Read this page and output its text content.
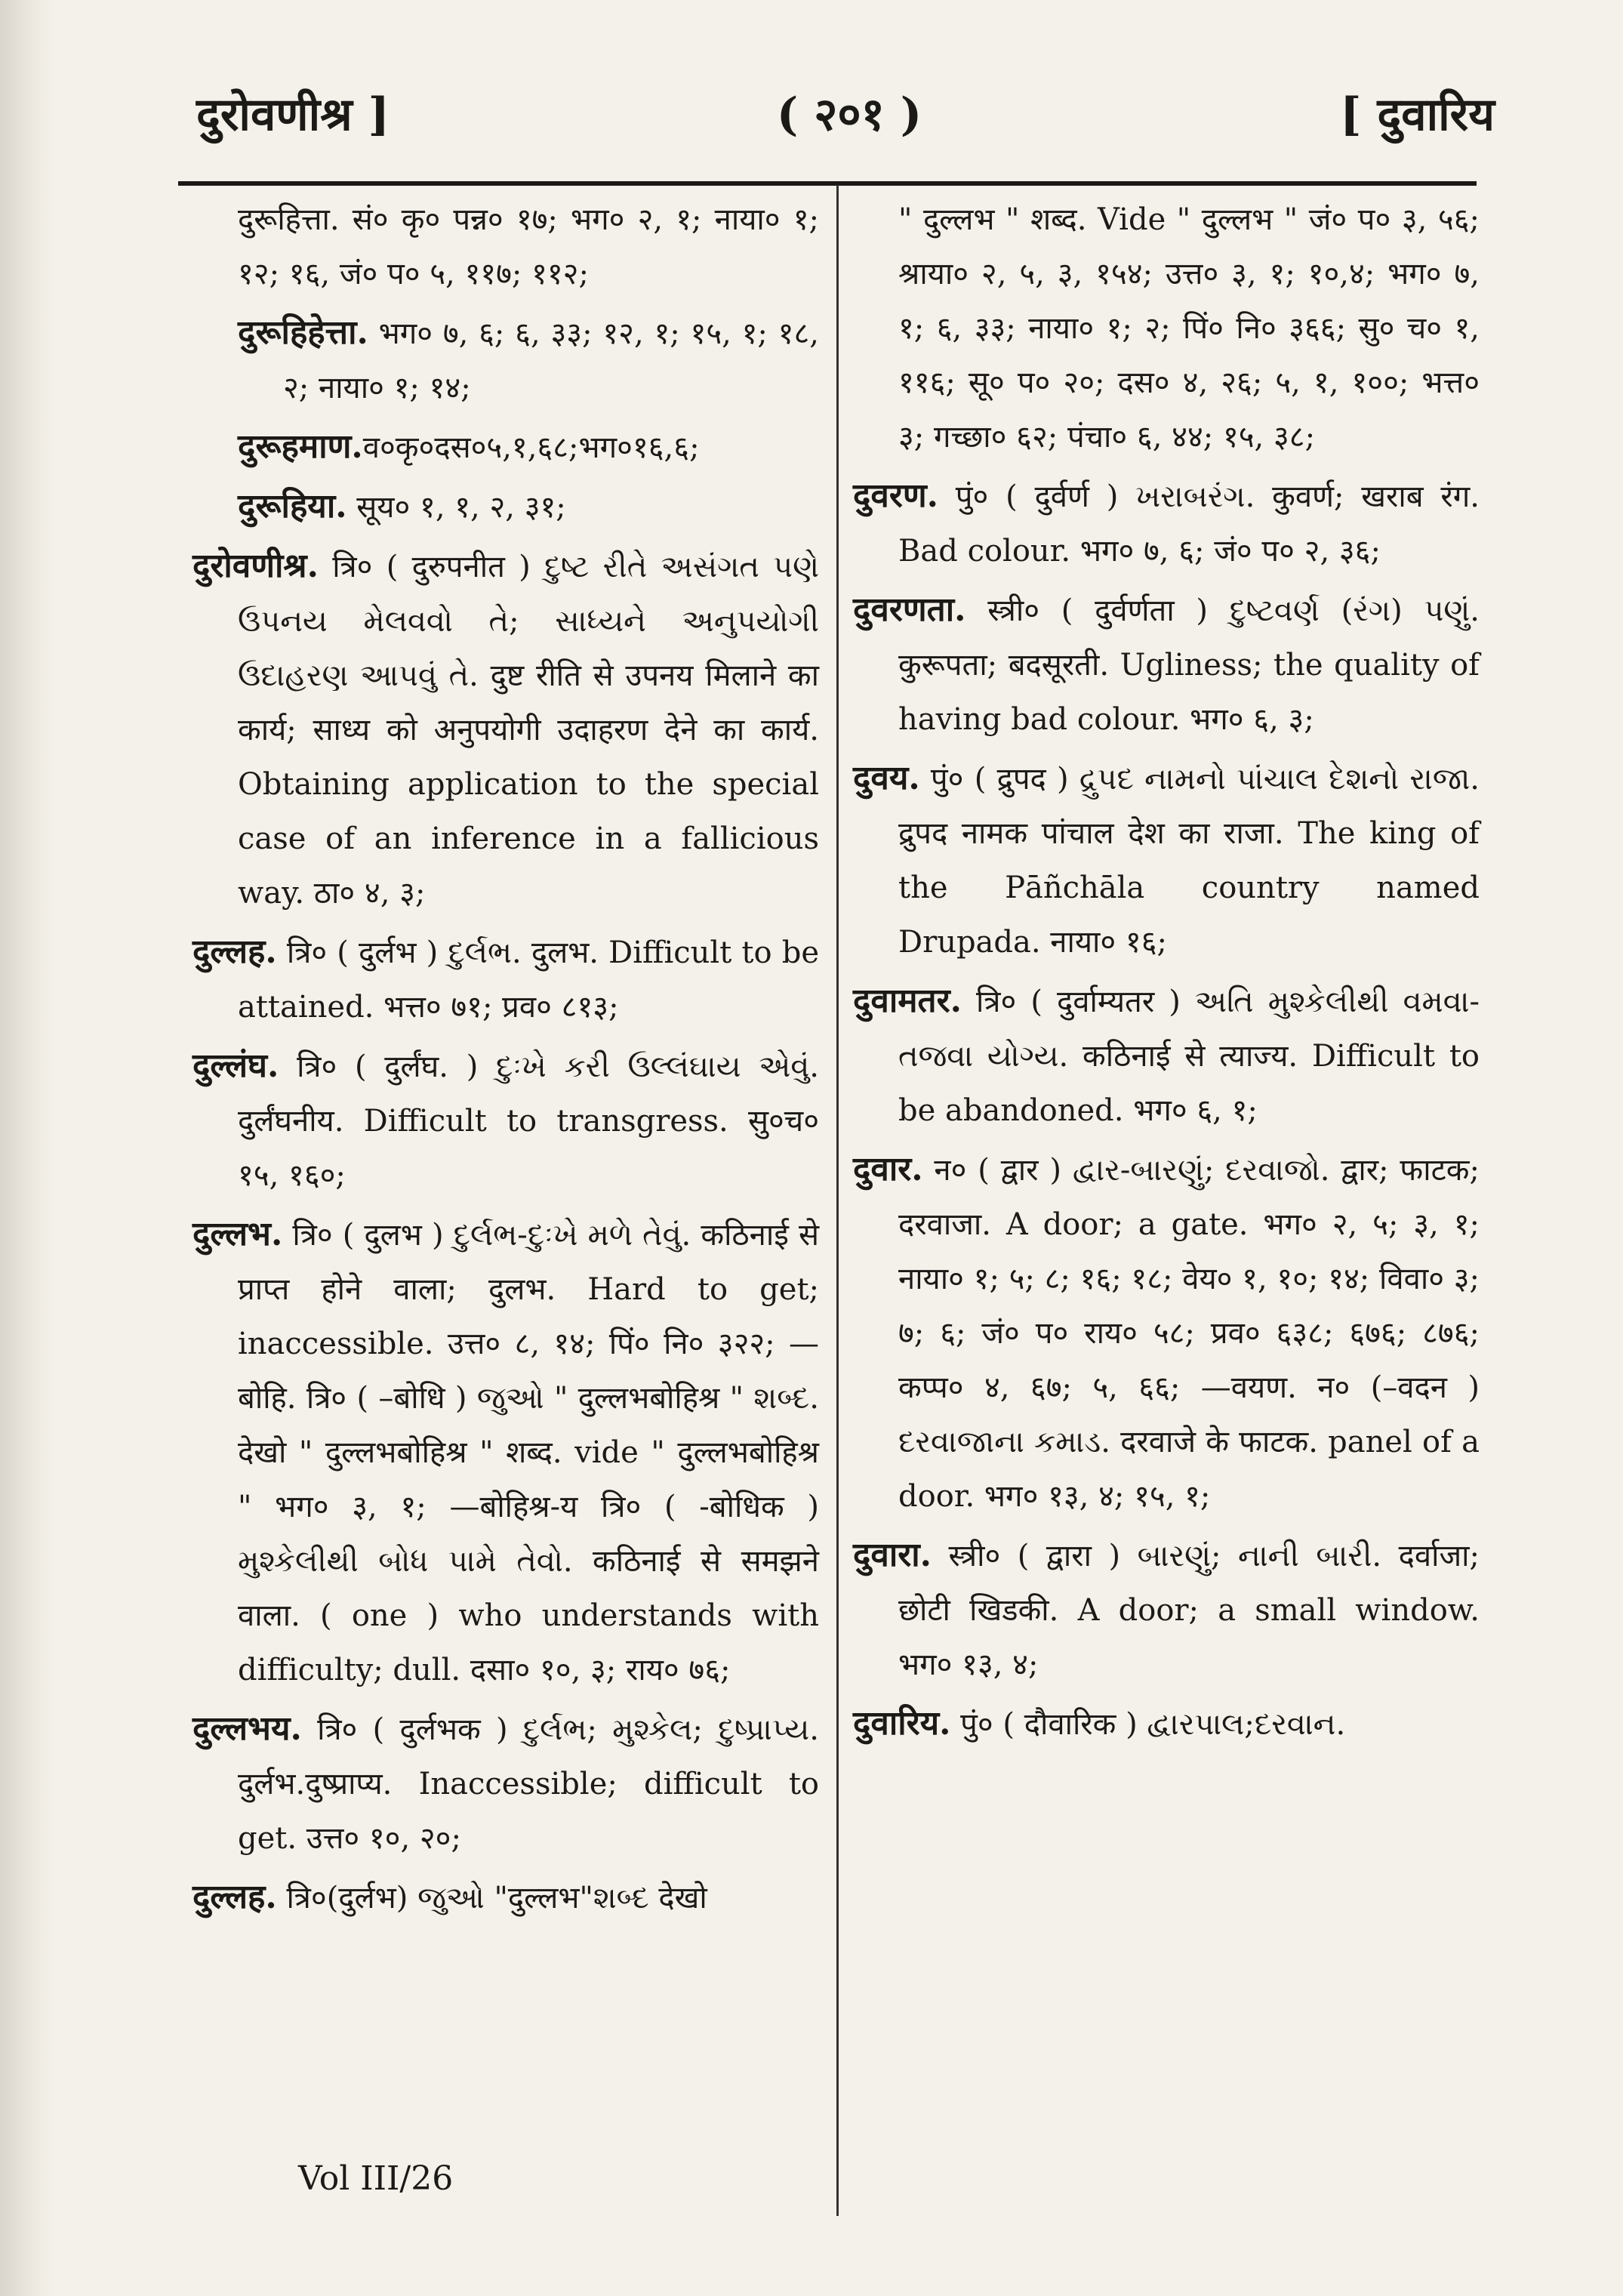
दुरोवणीश्र ]	( २०१ )	[ दुवारिय

दुरूहित्ता. सं० कृ० पन्न० १७; भग० २, १; नाया० १; १२; १६, जं० प० ५, ११७; ११२;

दुरूहिहेत्ता. भग० ७, ६; ६, ३३; १२, १; १५, १; १८, २; नाया० १; १४;

दुरूहमाण.व०कृ०दस०५,१,६८;भग०१६,६;

दुरूहिया. सूय० १, १, २, ३१;

दुरोवणीश्र. त्रि० ( दुरुपनीत ) દુષ્ટ રીતે અસંગત પણે ઉપનય મેલવવો તે; સાધ્યને અનુપયોગી ઉદાહરણ આપવું તે. दुष्ट रीति से उपनय मिलाने का कार्य; साध्य को अनुपयोगी उदाहरण देने का कार्य. Obtaining application to the special case of an inference in a fallicious way. ठा० ४, ३;

दुल्लह. त्रि० ( दुर्लभ ) દુર્લભ. दुलभ. Difficult to be attained. भत्त० ७१; प्रव० ८१३;

दुल्लंघ. त्रि० ( दुर्लंघ. ) દુઃખે કરી ઉલ્લંઘાય એવું. दुर्लंघनीय. Difficult to transgress. सु०च० १५, १६०;

दुल्लभ. त्रि० ( दुलभ ) દુર્લભ-દુઃખે મળે તેવું. कठिनाई से प्राप्त होने वाला; दुलभ. Hard to get; inaccessible. उत्त० ८, १४; पिं० नि० ३२२; —बोहि. त्रि० ( –बोधि ) જુઓ " दुल्लभबोहिश्र " શબ્દ. देखो " दुल्लभबोहिश्र " शब्द. vide " दुल्लभबोहिश्र " भग० ३, १; —बोहिश्र-य त्रि० ( -बोधिक ) મુશ્કેલીથી બોધ પામે તેવો. कठिनाई से समझने वाला. ( one ) who understands with difficulty; dull. दसा० १०, ३; राय० ७६;

दुल्लभय. त्रि० ( दुर्लभक ) દુર્લભ; મુશ્કેલ; દુષ્પ્રાપ્ય. दुर्लभ.दुष्प्राप्य. Inaccessible; difficult to get. उत्त० १०, २०;

दुल्लह. त्रि०(दुर्लभ) જુઓ "दुल्लभ"શબ્દ देखो

" दुल्लभ " शब्द. Vide " दुल्लभ " जं० प० ३, ५६; श्राया० २, ५, ३, १५४; उत्त० ३, १; १०,४; भग० ७, १; ६, ३३; नाया० १; २; पिं० नि० ३६६; सु० च० १, ११६; सू० प० २०; दस० ४, २६; ५, १, १००; भत्त० ३; गच्छा० ६२; पंचा० ६, ४४; १५, ३८;

दुवरण. पुं० ( दुर्वर्ण ) ખરાબરંગ. कुवर्ण; खराब रंग. Bad colour. भग० ७, ६; जं० प० २, ३६;

दुवरणता. स्त्री० ( दुर्वर्णता ) દુષ્ટવર્ણ (રંગ) પણું. कुरूपता; बदसूरती. Ugliness; the quality of having bad colour. भग० ६, ३;

दुवय. पुं० ( द्रुपद ) દ્રુપદ નામનો પાંચાલ દેશનો રાજા. द्रुपद नामक पांचाल देश का राजा. The king of the Pāñchāla country named Drupada. नाया० १६;

दुवामतर. त्रि० ( दुर्वाम्यतर ) અતિ મુશ્કેલીથી વમવા-તજવા યોગ્ય. कठिनाई से त्याज्य. Difficult to be abandoned. भग० ६, १;

दुवार. न० ( द्वार ) દ્વાર-બારણું; દરવાજો. द्वार; फाटक; दरवाजा. A door; a gate. भग० २, ५; ३, १; नाया० १; ५; ८; १६; १८; वेय० १, १०; १४; विवा० ३; ७; ६; जं० प० राय० ५८; प्रव० ६३८; ६७६; ८७६; कप्प० ४, ६७; ५, ६६; —वयण. न० (–वदन ) દરવાજાના કમાડ. दरवाजे के फाटक. panel of a door. भग० १३, ४; १५, १;

दुवारा. स्त्री० ( द्वारा ) બારણું; નાની બારી. दर्वाजा; छोटी खिडकी. A door; a small window. भग० १३, ४;

दुवारिय. पुं० ( दौवारिक ) દ્વારપાલ;દરવાન.

Vol III/26
